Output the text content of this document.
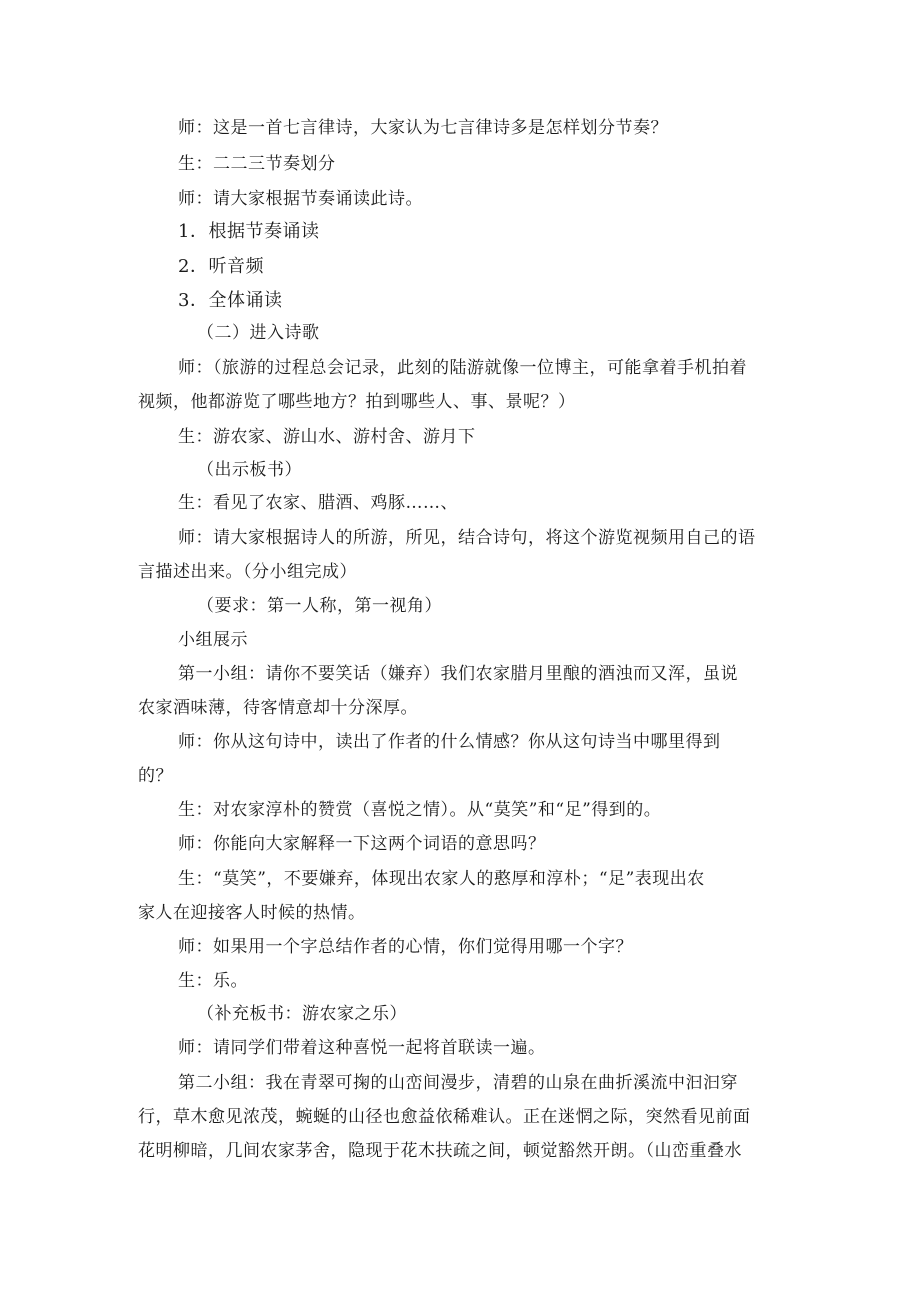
师：这是一首七言律诗，大家认为七言律诗多是怎样划分节奏？
生：二二三节奏划分
师：请大家根据节奏诵读此诗。
1．根据节奏诵读
2．听音频
3．全体诵读
（二）进入诗歌
师：（旅游的过程总会记录，此刻的陆游就像一位博主，可能拿着手机拍着
视频，他都游览了哪些地方？拍到哪些人、事、景呢？）
生：游农家、游山水、游村舍、游月下
（出示板书）
生：看见了农家、腊酒、鸡豚……、
师：请大家根据诗人的所游，所见，结合诗句，将这个游览视频用自己的语
言描述出来。（分小组完成）
（要求：第一人称，第一视角）
小组展示
第一小组：请你不要笑话（嫌弃）我们农家腊月里酿的酒浊而又浑，虽说
农家酒味薄，待客情意却十分深厚。
师：你从这句诗中，读出了作者的什么情感？你从这句诗当中哪里得到
的？
生：对农家淳朴的赞赏（喜悦之情）。从“莫笑”和“足”得到的。
师：你能向大家解释一下这两个词语的意思吗？
生：“莫笑”，不要嫌弃，体现出农家人的憨厚和淳朴；“足”表现出农
家人在迎接客人时候的热情。
师：如果用一个字总结作者的心情，你们觉得用哪一个字？
生：乐。
（补充板书：游农家之乐）
师：请同学们带着这种喜悦一起将首联读一遍。
第二小组：我在青翠可掬的山峦间漫步，清碧的山泉在曲折溪流中汩汩穿
行，草木愈见浓茂，蜿蜒的山径也愈益依稀难认。正在迷惘之际，突然看见前面
花明柳暗，几间农家茅舍，隐现于花木扶疏之间，顿觉豁然开朗。（山峦重叠水
